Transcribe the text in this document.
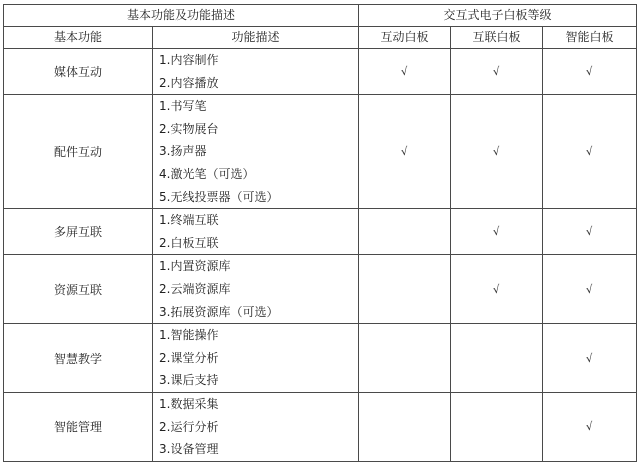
基本功能及功能描述		交互式电子白板等级		
基本功能	功能描述	互动白板	互联白板	智能白板
媒体互动	1.内容制作
2.内容播放	√	√	√
配件互动	1.书写笔
2.实物展台
3.扬声器
4.激光笔（可选）
5.无线投票器（可选）	√	√	√
多屏互联	1.终端互联
2.白板互联		√	√
资源互联	1.内置资源库
2.云端资源库
3.拓展资源库（可选）		√	√
智慧教学	1.智能操作
2.课堂分析
3.课后支持			√
智能管理	1.数据采集
2.运行分析
3.设备管理			√
